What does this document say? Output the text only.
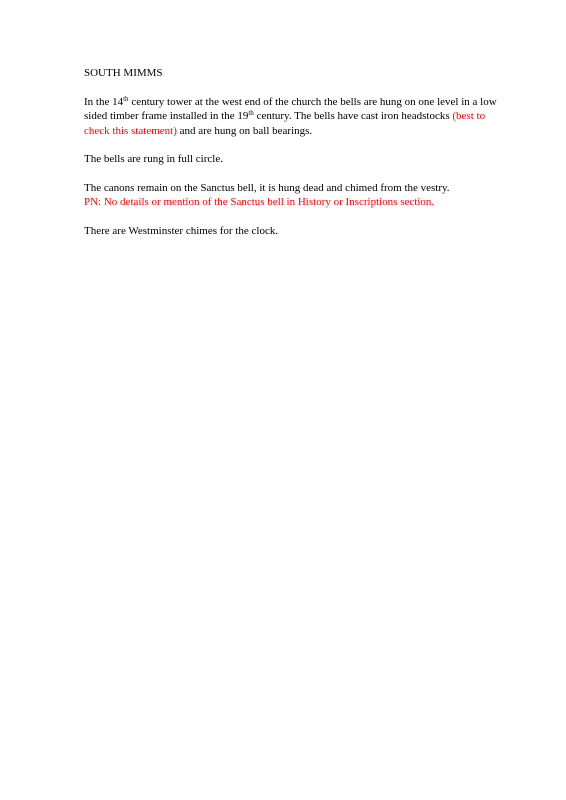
SOUTH MIMMS

In the 14th century tower at the west end of the church the bells are hung on one level in a low sided timber frame installed in the 19th century. The bells have cast iron headstocks (best to check this statement) and are hung on ball bearings.

The bells are rung in full circle.

The canons remain on the Sanctus bell, it is hung dead and chimed from the vestry.
PN: No details or mention of the Sanctus bell in History or Inscriptions section.

There are Westminster chimes for the clock.
